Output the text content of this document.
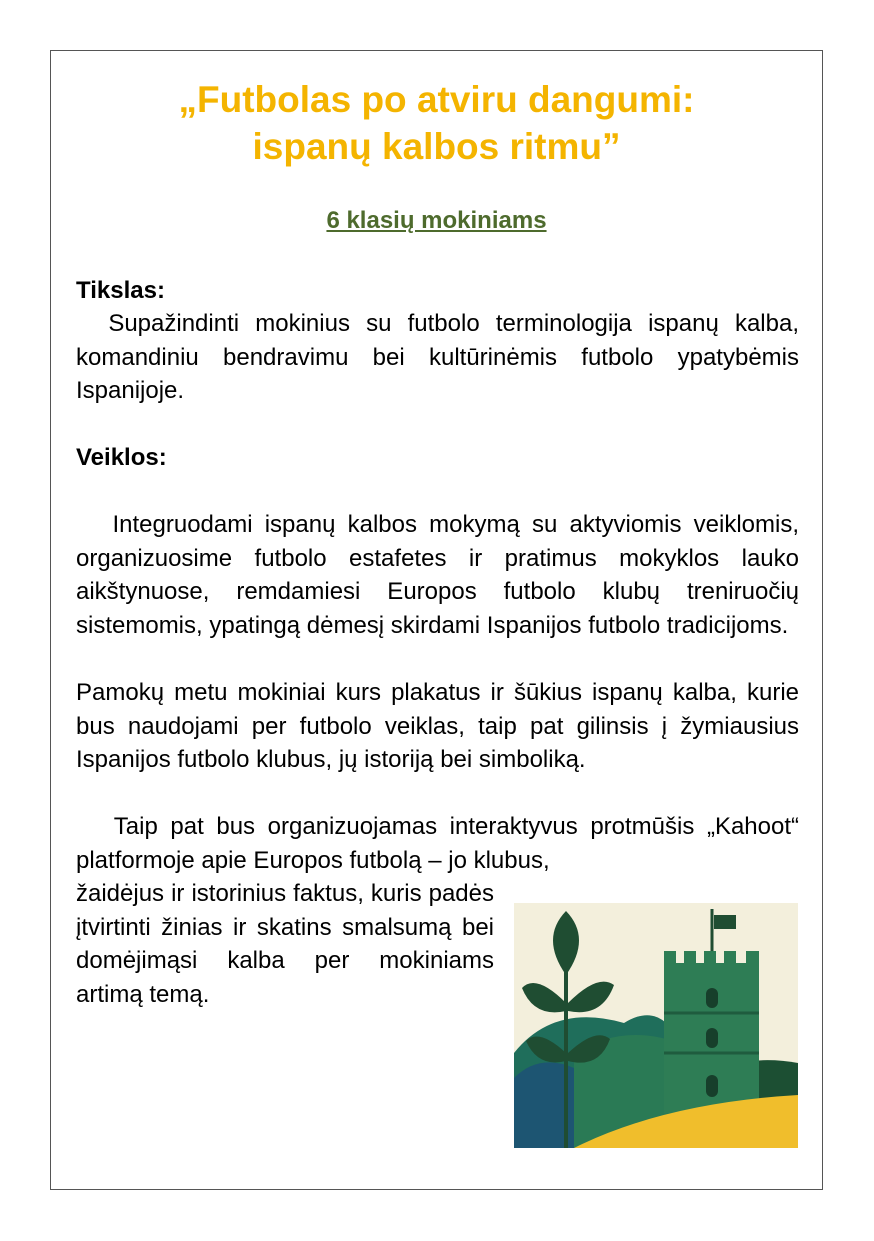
„Futbolas po atviru dangumi:
ispanų kalbos ritmu”
6 klasių mokiniams
Tikslas:

Supažindinti mokinius su futbolo terminologija ispanų kalba, komandiniu bendravimu bei kultūrinėmis futbolo ypatybėmis Ispanijoje.

Veiklos:

Integruodami ispanų kalbos mokymą su aktyviomis veiklomis, organizuosime futbolo estafetes ir pratimus mokyklos lauko aikštynuose, remdamiesi Europos futbolo klubų treniruočių sistemomis, ypatingą dėmesį skirdami Ispanijos futbolo tradicijoms.

Pamokų metu mokiniai kurs plakatus ir šūkius ispanų kalba, kurie bus naudojami per futbolo veiklas, taip pat gilinsis į žymiausius Ispanijos futbolo klubus, jų istoriją bei simboliką.

Taip pat bus organizuojamas interaktyvus protmūšis „Kahoot“ platformoje apie Europos futbolą – jo klubus,

žaidėjus ir istorinius faktus, kuris padės įtvirtinti žinias ir skatins smalsumą bei domėjimąsi kalba per mokiniams artimą temą.
